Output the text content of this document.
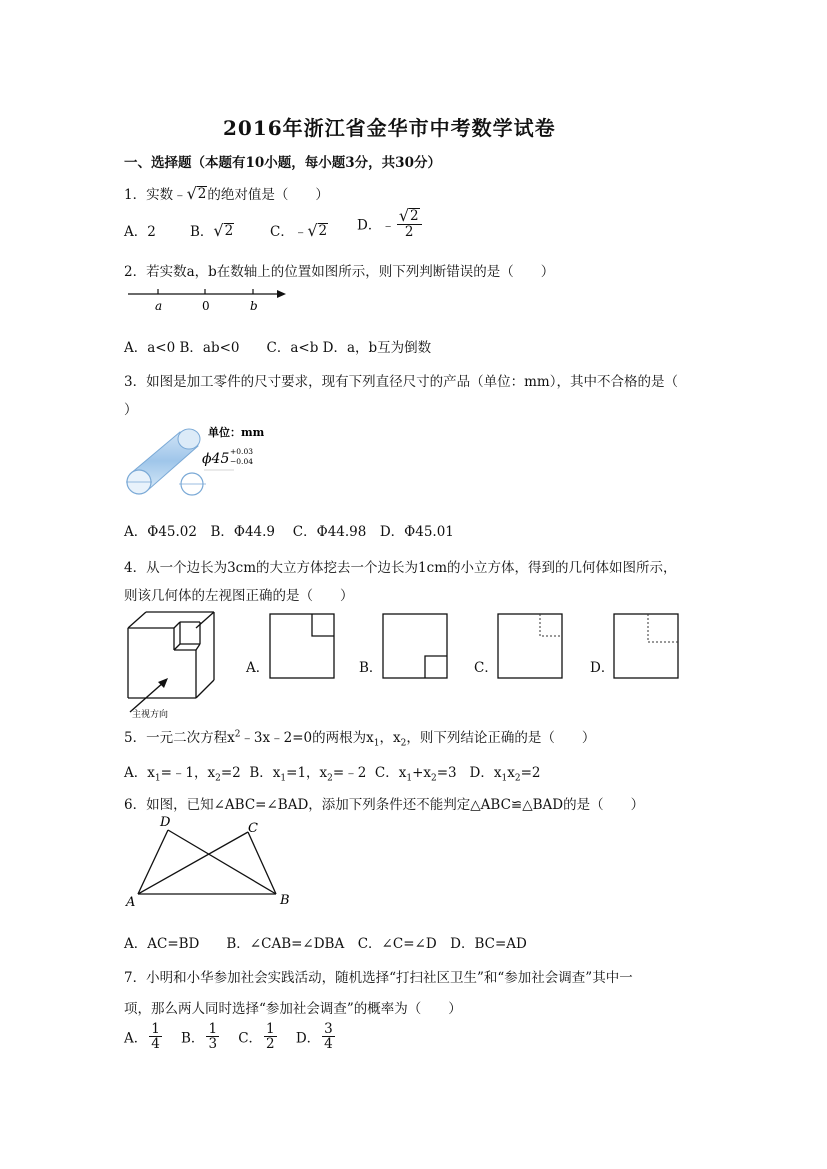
2016年浙江省金华市中考数学试卷
一、选择题（本题有10小题，每小题3分，共30分）
1．实数﹣ √ 2 的绝对值是（　　）
A．2	B． √ 2	C．﹣ √ 2 D．﹣ $\frac{√ 2}{2}$
2．若实数a，b在数轴上的位置如图所示，则下列判断错误的是（　　）
a	0	b
A．a<0 B．ab<0　　C．a<b D．a，b互为倒数
3．如图是加工零件的尺寸要求，现有下列直径尺寸的产品（单位：mm），其中不合格的是（
）
单位：mm
ϕ45 +0.03
−0.04
A．Φ45.02　B．Φ44.9　 C．Φ44.98　D．Φ45.01
4．从一个边长为3cm的大立方体挖去一个边长为1cm的小立方体，得到的几何体如图所示，
则该几何体的左视图正确的是（　　）
主视方向
A．	B．	C．	D．
5．一元二次方程$x^2﹣3x﹣2=0$的两根为$x_1$，$x_2$，则下列结论正确的是（　　）
A．$x_1=﹣1$，$x_2=2$ B．$x_1=1$，$x_2=﹣2$ C．$x_1+x_2=3$ D．$x_1x_2=2$
6．如图，已知∠ABC=∠BAD，添加下列条件还不能判定△ABC≌△BAD的是（　　）
D	C
A	B
A．AC=BD　　B．∠CAB=∠DBA　C．∠C=∠D　D．BC=AD
7．小明和小华参加社会实践活动，随机选择“打扫社区卫生”和“参加社会调查”其中一
项，那么两人同时选择“参加社会调查”的概率为（　　）
A． $\frac{1}{4}$ B． $\frac{1}{3}$ C． $\frac{1}{2}$ D． $\frac{3}{4}$
